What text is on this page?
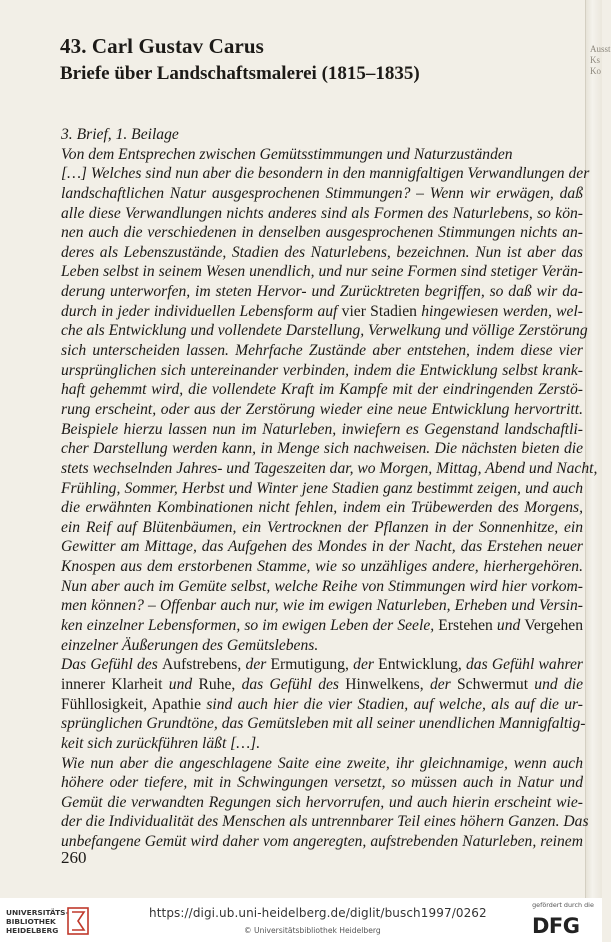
Ausst
Ks
Ko
43. Carl Gustav Carus
Briefe über Landschaftsmalerei (1815–1835)
3. Brief, 1. Beilage
Von dem Entsprechen zwischen Gemütsstimmungen und Naturzuständen
[…] Welches sind nun aber die besondern in den mannigfaltigen Verwandlungen der
landschaftlichen Natur ausgesprochenen Stimmungen? – Wenn wir erwägen, daß
alle diese Verwandlungen nichts anderes sind als Formen des Naturlebens, so kön-
nen auch die verschiedenen in denselben ausgesprochenen Stimmungen nichts an-
deres als Lebenszustände, Stadien des Naturlebens, bezeichnen. Nun ist aber das
Leben selbst in seinem Wesen unendlich, und nur seine Formen sind stetiger Verän-
derung unterworfen, im steten Hervor- und Zurücktreten begriffen, so daß wir da-
durch in jeder individuellen Lebensform auf vier Stadien hingewiesen werden, wel-
che als Entwicklung und vollendete Darstellung, Verwelkung und völlige Zerstörung
sich unterscheiden lassen. Mehrfache Zustände aber entstehen, indem diese vier
ursprünglichen sich untereinander verbinden, indem die Entwicklung selbst krank-
haft gehemmt wird, die vollendete Kraft im Kampfe mit der eindringenden Zerstö-
rung erscheint, oder aus der Zerstörung wieder eine neue Entwicklung hervortritt.
Beispiele hierzu lassen nun im Naturleben, inwiefern es Gegenstand landschaftli-
cher Darstellung werden kann, in Menge sich nachweisen. Die nächsten bieten die
stets wechselnden Jahres- und Tageszeiten dar, wo Morgen, Mittag, Abend und Nacht,
Frühling, Sommer, Herbst und Winter jene Stadien ganz bestimmt zeigen, und auch
die erwähnten Kombinationen nicht fehlen, indem ein Trübewerden des Morgens,
ein Reif auf Blütenbäumen, ein Vertrocknen der Pflanzen in der Sonnenhitze, ein
Gewitter am Mittage, das Aufgehen des Mondes in der Nacht, das Erstehen neuer
Knospen aus dem erstorbenen Stamme, wie so unzähliges andere, hierhergehören.
Nun aber auch im Gemüte selbst, welche Reihe von Stimmungen wird hier vorkom-
men können? – Offenbar auch nur, wie im ewigen Naturleben, Erheben und Versin-
ken einzelner Lebensformen, so im ewigen Leben der Seele, Erstehen und Vergehen
einzelner Äußerungen des Gemütslebens.
Das Gefühl des Aufstrebens, der Ermutigung, der Entwicklung, das Gefühl wahrer
innerer Klarheit und Ruhe, das Gefühl des Hinwelkens, der Schwermut und die
Fühllosigkeit, Apathie sind auch hier die vier Stadien, auf welche, als auf die ur-
sprünglichen Grundtöne, das Gemütsleben mit all seiner unendlichen Mannigfaltig-
keit sich zurückführen läßt […].
Wie nun aber die angeschlagene Saite eine zweite, ihr gleichnamige, wenn auch
höhere oder tiefere, mit in Schwingungen versetzt, so müssen auch in Natur und
Gemüt die verwandten Regungen sich hervorrufen, und auch hierin erscheint wie-
der die Individualität des Menschen als untrennbarer Teil eines höhern Ganzen. Das
unbefangene Gemüt wird daher vom angeregten, aufstrebenden Naturleben, reinem
260
UNIVERSITÄTS-
BIBLIOTHEK
HEIDELBERG
https://digi.ub.uni-heidelberg.de/diglit/busch1997/0262
© Universitätsbibliothek Heidelberg
gefördert durch die
DFG
